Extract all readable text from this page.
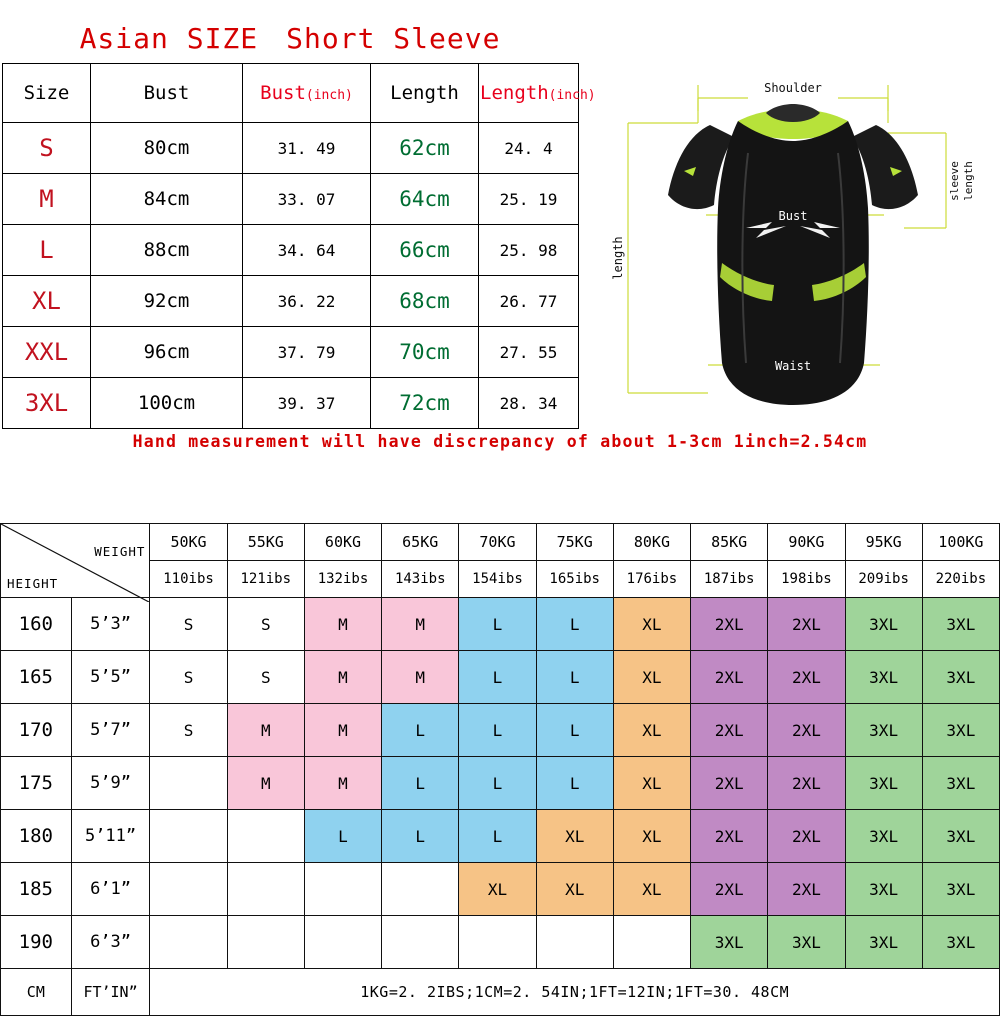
Asian SIZE Short Sleeve
Size	Bust	Bust(inch)	Length	Length(inch)
S	80cm	31. 49	62cm	24. 4
M	84cm	33. 07	64cm	25. 19
L	88cm	34. 64	66cm	25. 98
XL	92cm	36. 22	68cm	26. 77
XXL	96cm	37. 79	70cm	27. 55
3XL	100cm	39. 37	72cm	28. 34
Shoulder
Bust
Waist
length
sleeve length
Hand measurement will have discrepancy of about 1-3cm 1inch=2.54cm
WEIGHT
HEIGHT		50KG	55KG	60KG	65KG	70KG	75KG	80KG	85KG	90KG	95KG	100KG
		110ibs	121ibs	132ibs	143ibs	154ibs	165ibs	176ibs	187ibs	198ibs	209ibs	220ibs
160	5’3”	S	S	M	M	L	L	XL	2XL	2XL	3XL	3XL
165	5’5”	S	S	M	M	L	L	XL	2XL	2XL	3XL	3XL
170	5’7”	S	M	M	L	L	L	XL	2XL	2XL	3XL	3XL
175	5’9”		M	M	L	L	L	XL	2XL	2XL	3XL	3XL
180	5’11”			L	L	L	XL	XL	2XL	2XL	3XL	3XL
185	6’1”					XL	XL	XL	2XL	2XL	3XL	3XL
190	6’3”								3XL	3XL	3XL	3XL
CM	FT’IN”	1KG=2. 2IBS;1CM=2. 54IN;1FT=12IN;1FT=30. 48CM										
